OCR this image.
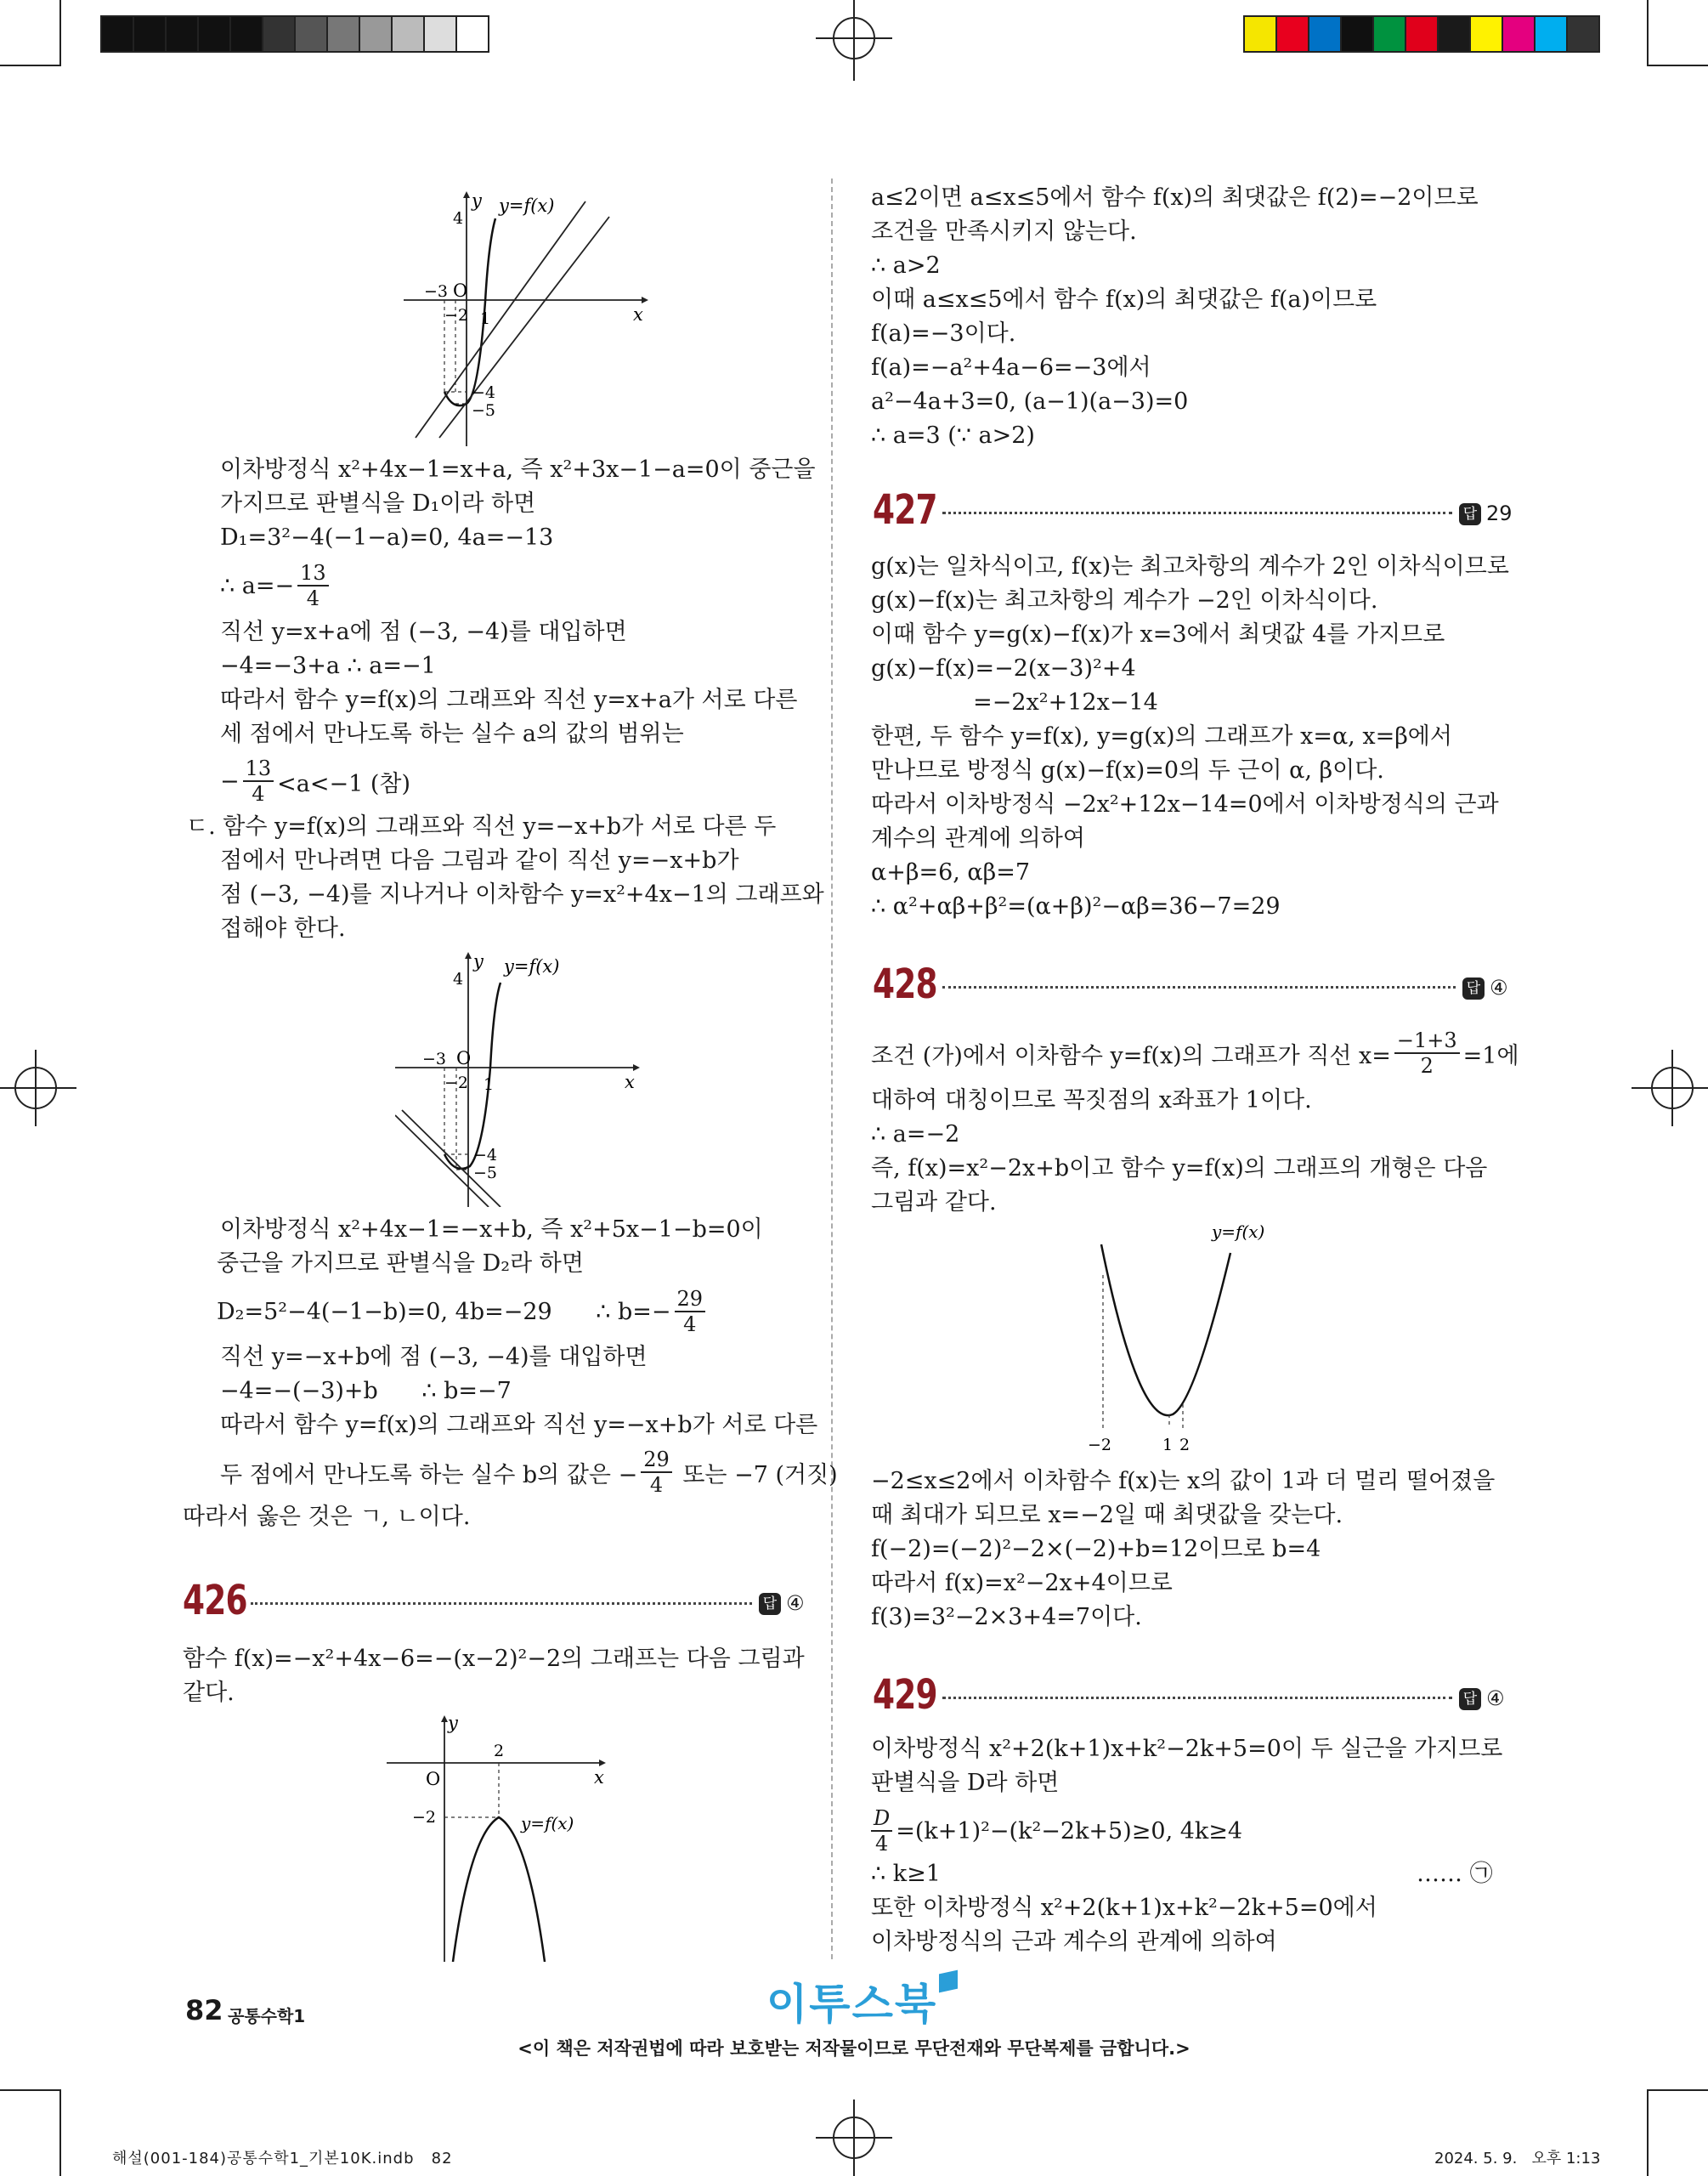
y y=f(x)
x
O
4
−3
−2 1
−4
−5
이차방정식 x²+4x−1=x+a, 즉 x²+3x−1−a=0이 중근을
가지므로 판별식을 D₁이라 하면
D₁=3²−4(−1−a)=0, 4a=−13
∴ $a=- \frac{13}{4}$
직선 y=x+a에 점 (−3, −4)를 대입하면
−4=−3+a ∴ a=−1
따라서 함수 y=f(x)의 그래프와 직선 y=x+a가 서로 다른
세 점에서 만나도록 하는 실수 a의 값의 범위는
− $\frac{13}{4} <a<-1$ (참)
ㄷ. 함수 y=f(x)의 그래프와 직선 y=−x+b가 서로 다른 두
점에서 만나려면 다음 그림과 같이 직선 y=−x+b가
점 (−3, −4)를 지나거나 이차함수 y=x²+4x−1의 그래프와
접해야 한다.
y y=f(x)
x
O
4
−3
−2 1
−4
−5
이차방정식 x²+4x−1=−x+b, 즉 x²+5x−1−b=0이
중근을 가지므로 판별식을 D₂라 하면
D₂=5²−4(−1−b)=0, 4b=−29      ∴ $b=- \frac{29}{4}$
직선 y=−x+b에 점 (−3, −4)를 대입하면
−4=−(−3)+b      ∴ b=−7
따라서 함수 y=f(x)의 그래프와 직선 y=−x+b가 서로 다른
두 점에서 만나도록 하는 실수 b의 값은 − $\frac{29}{4}$ 또는 −7 (거짓)
따라서 옳은 것은 ㄱ, ㄴ이다.
426	답 ④
함수 f(x)=−x²+4x−6=−(x−2)²−2의 그래프는 다음 그림과
같다.
y
x
O
2
−2	y=f(x)
a≤2이면 a≤x≤5에서 함수 f(x)의 최댓값은 f(2)=−2이므로
조건을 만족시키지 않는다.
∴ a>2
이때 a≤x≤5에서 함수 f(x)의 최댓값은 f(a)이므로
f(a)=−3이다.
f(a)=−a²+4a−6=−3에서
a²−4a+3=0, (a−1)(a−3)=0
∴ a=3 (∵ a>2)
427	답 29
g(x)는 일차식이고, f(x)는 최고차항의 계수가 2인 이차식이므로
g(x)−f(x)는 최고차항의 계수가 −2인 이차식이다.
이때 함수 y=g(x)−f(x)가 x=3에서 최댓값 4를 가지므로
g(x)−f(x)=−2(x−3)²+4
=−2x²+12x−14
한편, 두 함수 y=f(x), y=g(x)의 그래프가 x=α, x=β에서
만나므로 방정식 g(x)−f(x)=0의 두 근이 α, β이다.
따라서 이차방정식 −2x²+12x−14=0에서 이차방정식의 근과
계수의 관계에 의하여
α+β=6, αβ=7
∴ α²+αβ+β²=(α+β)²−αβ=36−7=29
428	답 ④
조건 (가)에서 이차함수 y=f(x)의 그래프가 직선 $x= \frac{-1+3}{2} =1$에
대하여 대칭이므로 꼭짓점의 x좌표가 1이다.
∴ a=−2
즉, f(x)=x²−2x+b이고 함수 y=f(x)의 그래프의 개형은 다음
그림과 같다.
y=f(x)
−2	1 2
−2≤x≤2에서 이차함수 f(x)는 x의 값이 1과 더 멀리 떨어졌을
때 최대가 되므로 x=−2일 때 최댓값을 갖는다.
f(−2)=(−2)²−2×(−2)+b=12이므로 b=4
따라서 f(x)=x²−2x+4이므로
f(3)=3²−2×3+4=7이다.
429	답 ④
이차방정식 x²+2(k+1)x+k²−2k+5=0이 두 실근을 가지므로
판별식을 D라 하면
$\frac{D}{4} =(k+1)^2-(k^2-2k+5)\ge 0$, 4k≥4
∴ k≥1	…… ㉠
또한 이차방정식 x²+2(k+1)x+k²−2k+5=0에서
이차방정식의 근과 계수의 관계에 의하여
82 공통수학1	이투스북
<이 책은 저작권법에 따라 보호받는 저작물이므로 무단전재와 무단복제를 금합니다.>
해설(001-184)공통수학1_기본10K.indb   82	2024. 5. 9.   오후 1:13
